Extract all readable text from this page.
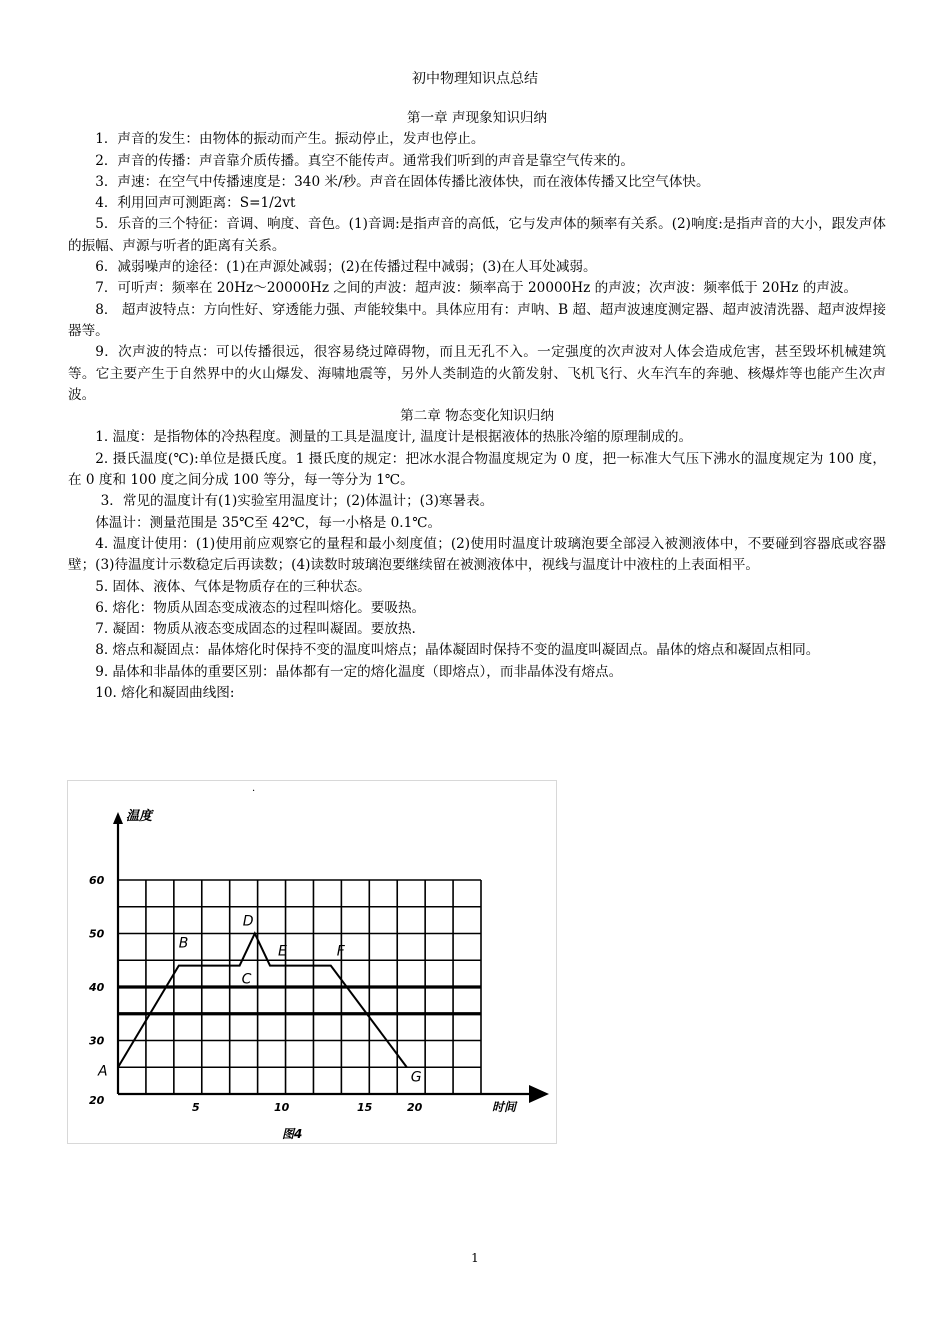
初中物理知识点总结

第一章 声现象知识归纳

1．声音的发生：由物体的振动而产生。振动停止，发声也停止。

2．声音的传播：声音靠介质传播。真空不能传声。通常我们听到的声音是靠空气传来的。

3．声速：在空气中传播速度是：340 米/秒。声音在固体传播比液体快，而在液体传播又比空气体快。

4．利用回声可测距离：S=1/2vt

5．乐音的三个特征：音调、响度、音色。(1)音调:是指声音的高低，它与发声体的频率有关系。(2)响度:是指声音的大小，跟发声体的振幅、声源与听者的距离有关系。

6．减弱噪声的途径：(1)在声源处减弱；(2)在传播过程中减弱；(3)在人耳处减弱。

7．可听声：频率在 20Hz～20000Hz 之间的声波：超声波：频率高于 20000Hz 的声波；次声波：频率低于 20Hz 的声波。

8． 超声波特点：方向性好、穿透能力强、声能较集中。具体应用有：声呐、B 超、超声波速度测定器、超声波清洗器、超声波焊接器等。

9．次声波的特点：可以传播很远，很容易绕过障碍物，而且无孔不入。一定强度的次声波对人体会造成危害，甚至毁坏机械建筑等。它主要产生于自然界中的火山爆发、海啸地震等，另外人类制造的火箭发射、飞机飞行、火车汽车的奔驰、核爆炸等也能产生次声波。

第二章 物态变化知识归纳

1. 温度：是指物体的冷热程度。测量的工具是温度计, 温度计是根据液体的热胀冷缩的原理制成的。

2. 摄氏温度(℃):单位是摄氏度。1 摄氏度的规定：把冰水混合物温度规定为 0 度，把一标准大气压下沸水的温度规定为 100 度，在 0 度和 100 度之间分成 100 等分，每一等分为 1℃。

3．常见的温度计有(1)实验室用温度计；(2)体温计；(3)寒暑表。

体温计：测量范围是 35℃至 42℃，每一小格是 0.1℃。

4. 温度计使用：(1)使用前应观察它的量程和最小刻度值；(2)使用时温度计玻璃泡要全部浸入被测液体中，不要碰到容器底或容器壁；(3)待温度计示数稳定后再读数；(4)读数时玻璃泡要继续留在被测液体中，视线与温度计中液柱的上表面相平。

5. 固体、液体、气体是物质存在的三种状态。

6. 熔化：物质从固态变成液态的过程叫熔化。要吸热。

7. 凝固：物质从液态变成固态的过程叫凝固。要放热.

8. 熔点和凝固点：晶体熔化时保持不变的温度叫熔点；晶体凝固时保持不变的温度叫凝固点。晶体的熔点和凝固点相同。

9. 晶体和非晶体的重要区别：晶体都有一定的熔化温度（即熔点），而非晶体没有熔点。

10. 熔化和凝固曲线图:

温度
时间
20
30
40
50
60
5	10	15	20
A
B
C
D
E	F
G
图4
·
1
